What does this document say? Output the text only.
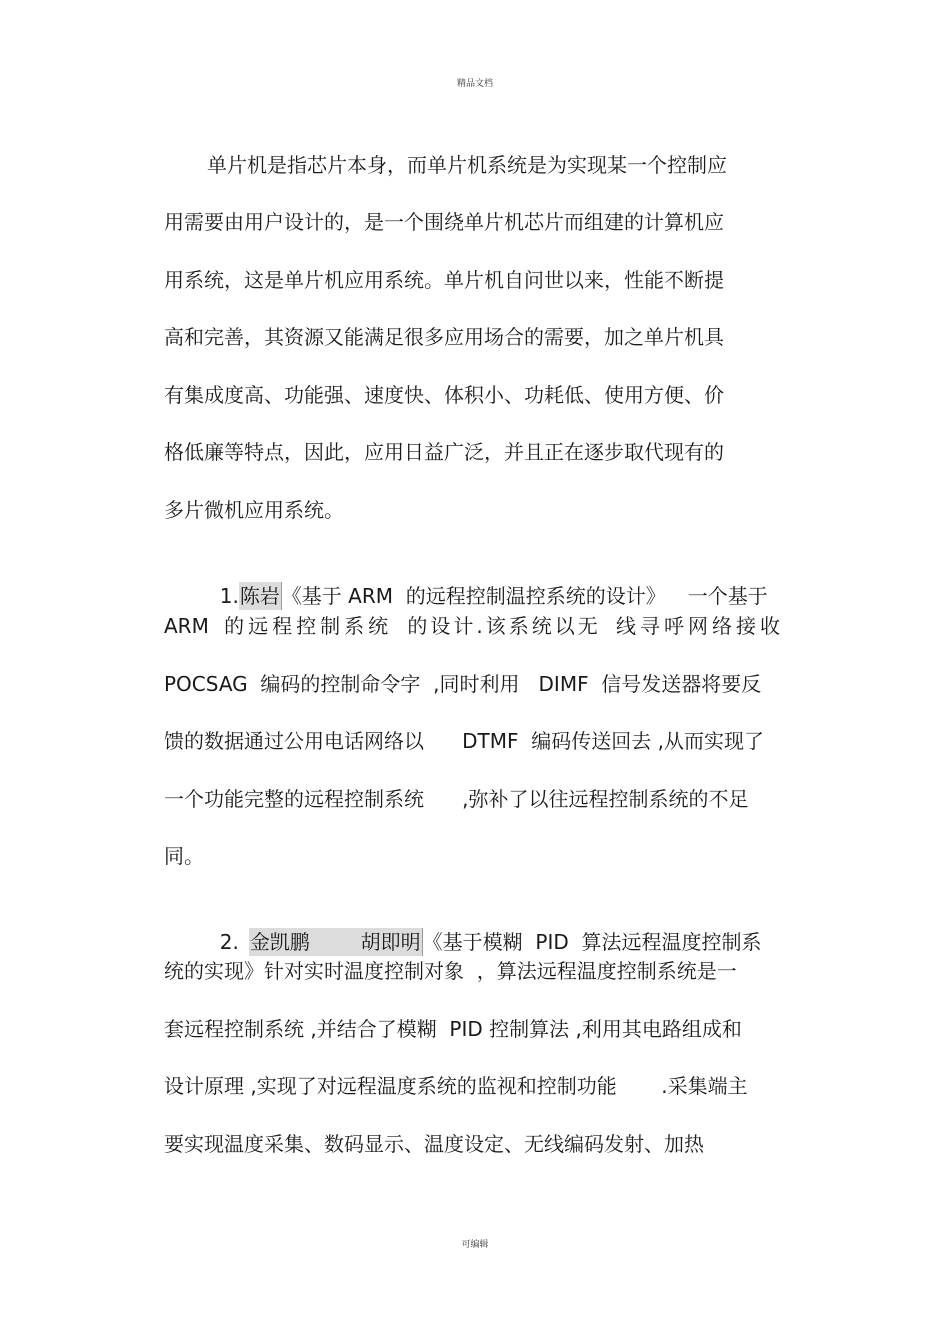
精品文档
单片机是指芯片本身，而单片机系统是为实现某一个控制应
用需要由用户设计的，是一个围绕单片机芯片而组建的计算机应
用系统，这是单片机应用系统。单片机自问世以来，性能不断提
高和完善，其资源又能满足很多应用场合的需要，加之单片机具
有集成度高、功能强、速度快、体积小、功耗低、使用方便、价
格低廉等特点，因此，应用日益广泛，并且正在逐步取代现有的
多片微机应用系统。

1.陈岩 《基于 ARM  的远程控制温控系统的设计》 一个基于

ARM 的远程控制系统 的设计.该系统以无 线寻呼网络接收
POCSAG  编码的控制命令字  ,同时利用   DIMF  信号发送器将要反
馈的数据通过公用电话网络以      DTMF  编码传送回去 ,从而实现了
一个功能完整的远程控制系统      ,弥补了以往远程控制系统的不足
同。

2. 金凯鹏        胡即明 《基于模糊  PID  算法远程温度控制系

统的实现》针对实时温度控制对象  ，算法远程温度控制系统是一
套远程控制系统 ,并结合了模糊  PID 控制算法 ,利用其电路组成和
设计原理 ,实现了对远程温度系统的监视和控制功能       .采集端主
要实现温度采集、数码显示、温度设定、无线编码发射、加热
可编辑
